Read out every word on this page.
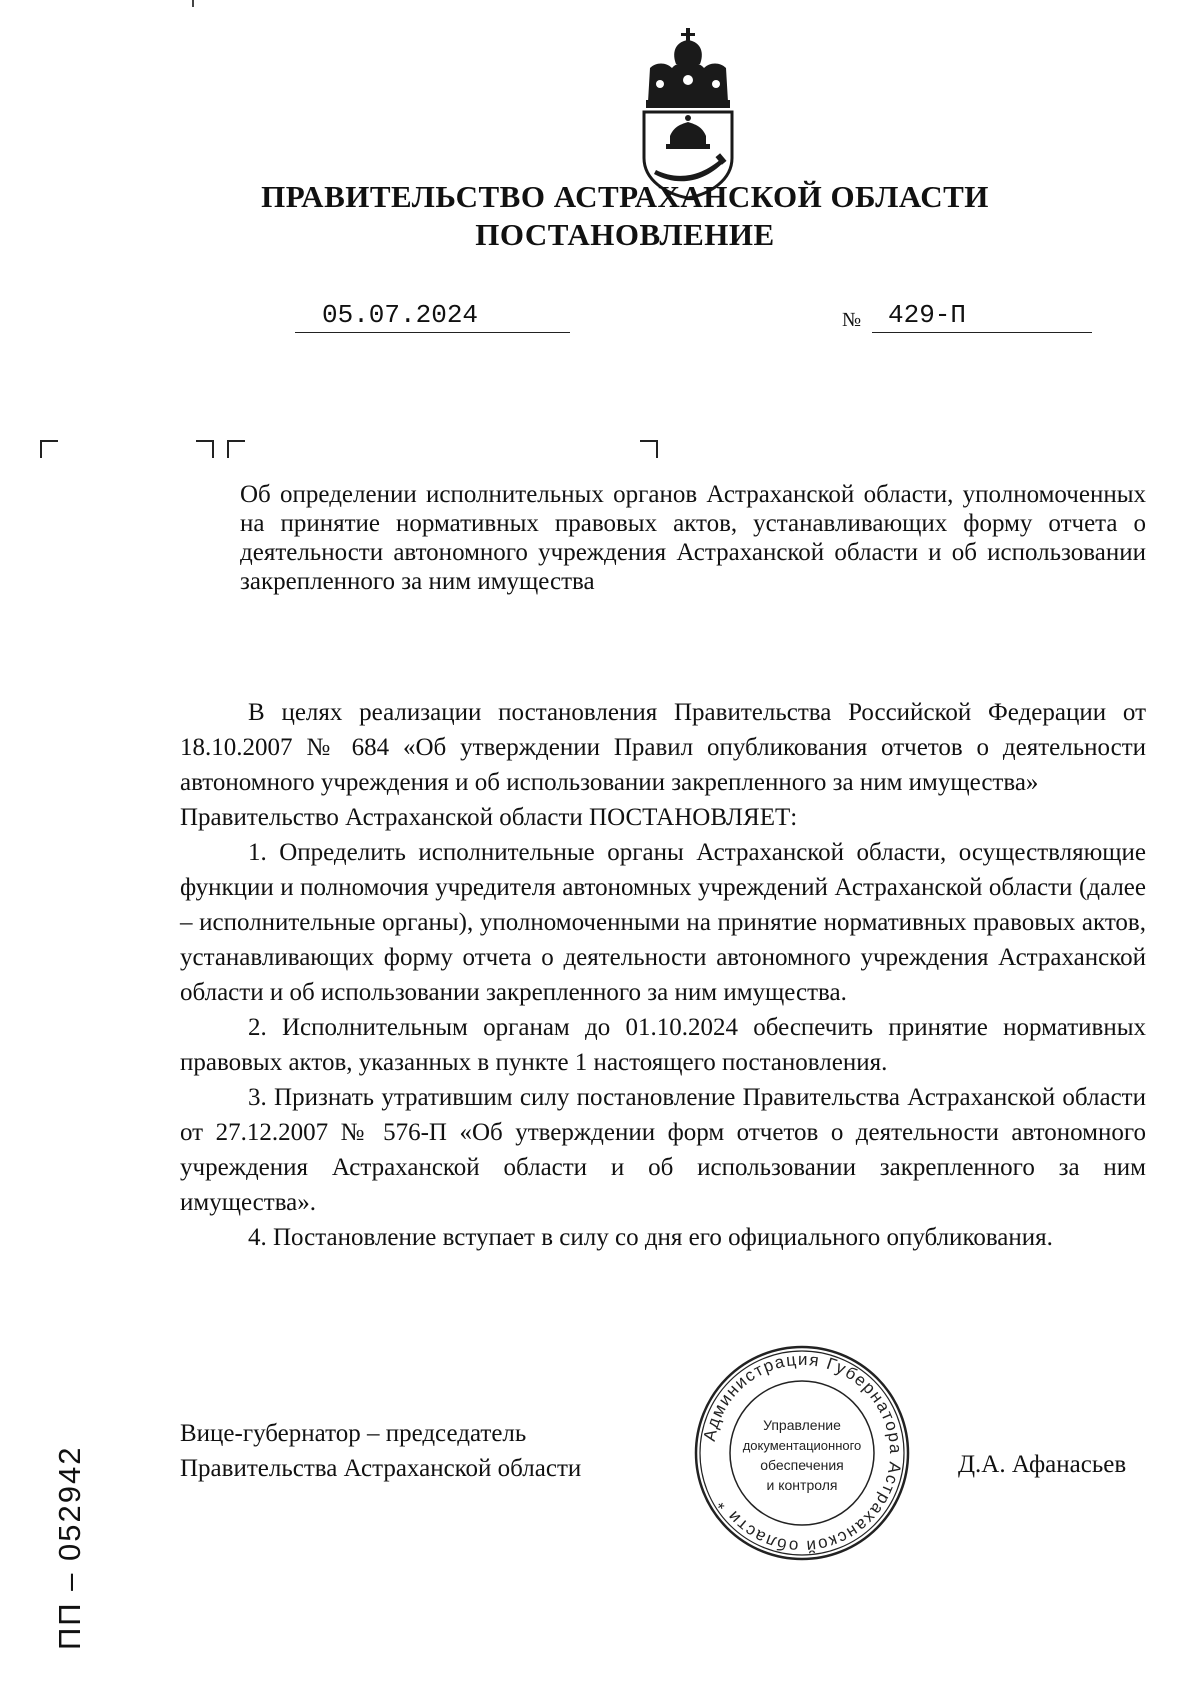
ПРАВИТЕЛЬСТВО АСТРАХАНСКОЙ ОБЛАСТИ
ПОСТАНОВЛЕНИЕ
05.07.2024	№ 429-П
Об определении исполнительных органов Астраханской области, уполномоченных на принятие нормативных правовых актов, устанавливающих форму отчета о деятельности автономного учреждения Астраханской области и об использовании закрепленного за ним имущества

В целях реализации постановления Правительства Российской Федерации от 18.10.2007 № 684 «Об утверждении Правил опубликования отчетов о деятельности автономного учреждения и об использовании закрепленного за ним имущества»

Правительство Астраханской области ПОСТАНОВЛЯЕТ:

1. Определить исполнительные органы Астраханской области, осуществляющие функции и полномочия учредителя автономных учреждений Астраханской области (далее – исполнительные органы), уполномоченными на принятие нормативных правовых актов, устанавливающих форму отчета о деятельности автономного учреждения Астраханской области и об использовании закрепленного за ним имущества.

2. Исполнительным органам до 01.10.2024 обеспечить принятие нормативных правовых актов, указанных в пункте 1 настоящего постановления.

3. Признать утратившим силу постановление Правительства Астраханской области от 27.12.2007 № 576-П «Об утверждении форм отчетов о деятельности автономного учреждения Астраханской области и об использовании закрепленного за ним имущества».

4. Постановление вступает в силу со дня его официального опубликования.

Вице-губернатор – председатель
Правительства Астраханской области
Администрация Губернатора Астраханской области *
Управление
документационного
обеспечения
и контроля
Д.А. Афанасьев
ПП – 052942
